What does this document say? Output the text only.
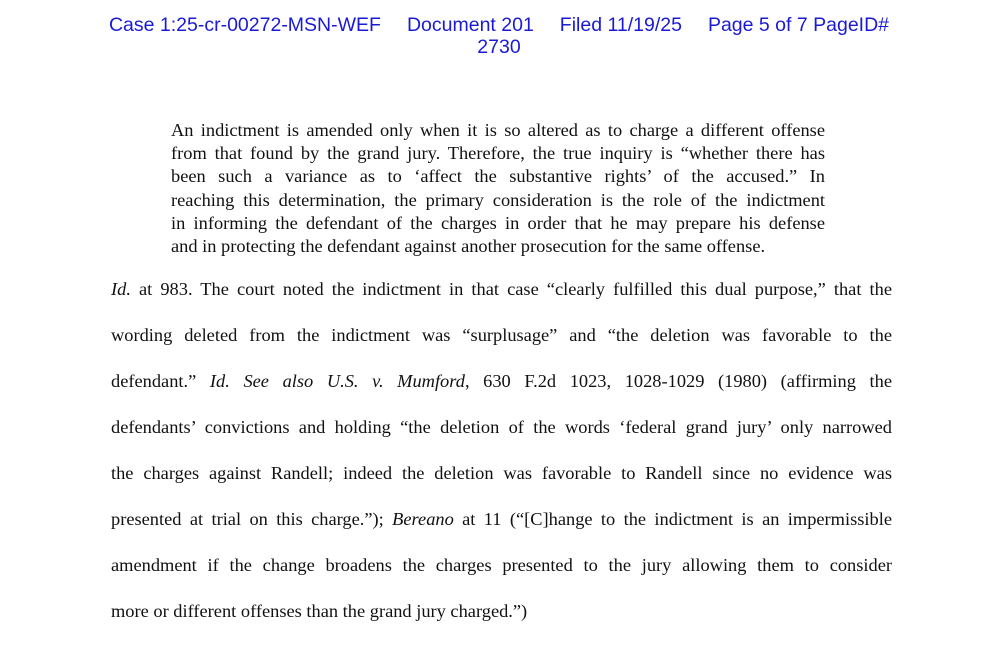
Case 1:25-cr-00272-MSN-WEF Document 201 Filed 11/19/25 Page 5 of 7 PageID#
2730
An indictment is amended only when it is so altered as to charge a different offense
from that found by the grand jury. Therefore, the true inquiry is “whether there has
been such a variance as to ‘affect the substantive rights’ of the accused.” In
reaching this determination, the primary consideration is the role of the indictment
in informing the defendant of the charges in order that he may prepare his defense
and in protecting the defendant against another prosecution for the same offense.
Id. at 983. The court noted the indictment in that case “clearly fulfilled this dual purpose,” that the
wording deleted from the indictment was “surplusage” and “the deletion was favorable to the
defendant.” Id. See also U.S. v. Mumford, 630 F.2d 1023, 1028-1029 (1980) (affirming the
defendants’ convictions and holding “the deletion of the words ‘federal grand jury’ only narrowed
the charges against Randell; indeed the deletion was favorable to Randell since no evidence was
presented at trial on this charge.”); Bereano at 11 (“[C]hange to the indictment is an impermissible
amendment if the change broadens the charges presented to the jury allowing them to consider
more or different offenses than the grand jury charged.”)
